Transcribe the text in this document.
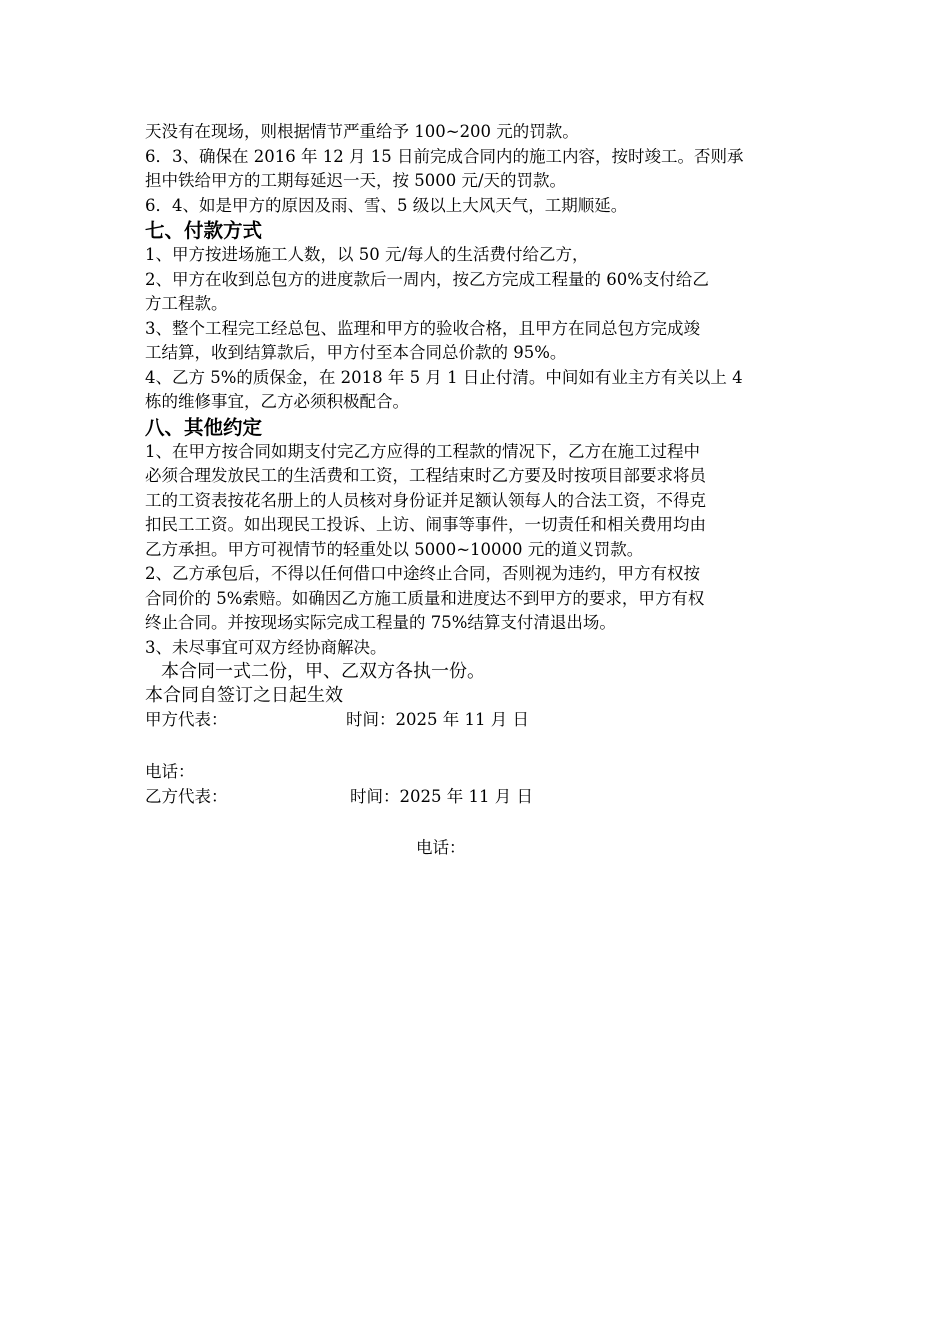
天没有在现场，则根据情节严重给予 100~200 元的罚款。
6．3、确保在 2016 年 12 月 15 日前完成合同内的施工内容，按时竣工。否则承
担中铁给甲方的工期每延迟一天，按 5000 元/天的罚款。
6．4、如是甲方的原因及雨、雪、5 级以上大风天气，工期顺延。
七、付款方式
1、甲方按进场施工人数，以 50 元/每人的生活费付给乙方，
2、甲方在收到总包方的进度款后一周内，按乙方完成工程量的 60%支付给乙
方工程款。
3、整个工程完工经总包、监理和甲方的验收合格，且甲方在同总包方完成竣
工结算，收到结算款后，甲方付至本合同总价款的 95%。
4、乙方 5%的质保金，在 2018 年 5 月 1 日止付清。中间如有业主方有关以上 4
栋的维修事宜，乙方必须积极配合。
八、其他约定
1、在甲方按合同如期支付完乙方应得的工程款的情况下，乙方在施工过程中
必须合理发放民工的生活费和工资，工程结束时乙方要及时按项目部要求将员
工的工资表按花名册上的人员核对身份证并足额认领每人的合法工资，不得克
扣民工工资。如出现民工投诉、上访、闹事等事件，一切责任和相关费用均由
乙方承担。甲方可视情节的轻重处以 5000~10000 元的道义罚款。
2、乙方承包后，不得以任何借口中途终止合同，否则视为违约，甲方有权按
合同价的 5%索赔。如确因乙方施工质量和进度达不到甲方的要求，甲方有权
终止合同。并按现场实际完成工程量的 75%结算支付清退出场。
3、未尽事宜可双方经协商解决。
本合同一式二份，甲、乙双方各执一份。
本合同自签订之日起生效
甲方代表：	时间：2025 年 11 月 日
电话：
乙方代表：	时间：2025 年 11 月 日
电话：
